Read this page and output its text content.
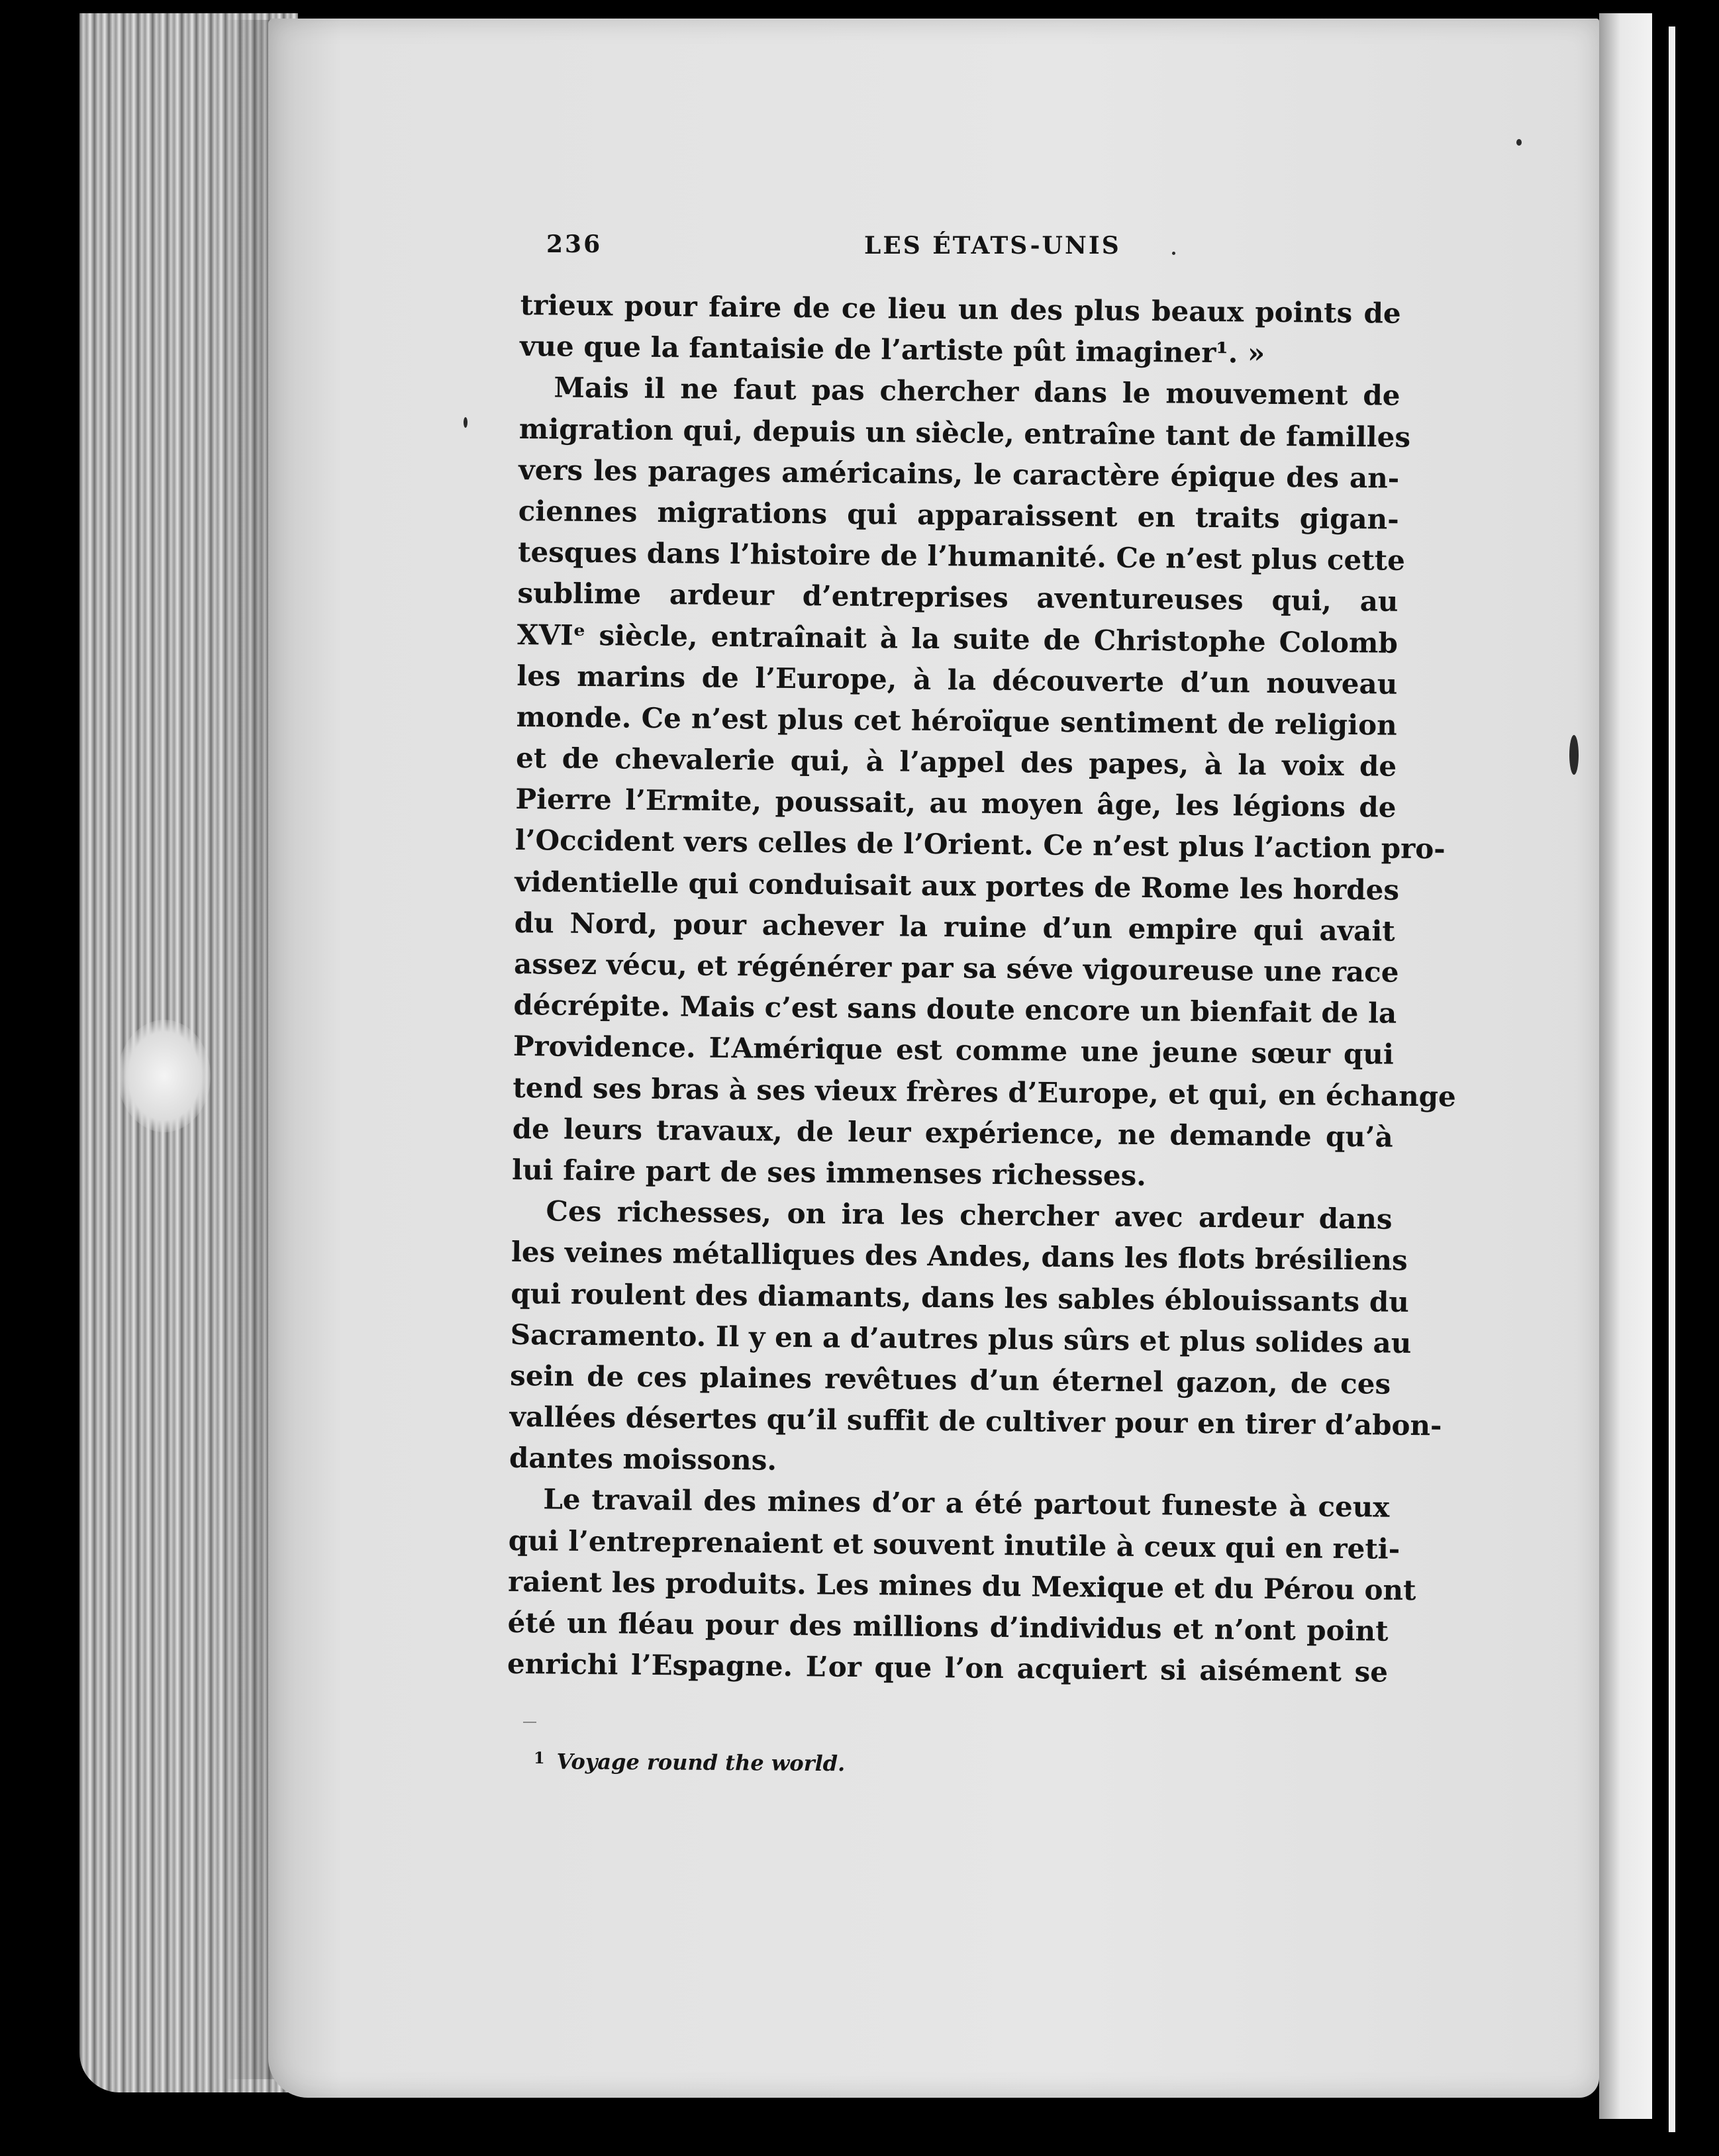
236	LES ÉTATS-UNIS
trieux pour faire de ce lieu un des plus beaux points de
vue que la fantaisie de l’artiste pût imaginer¹. »
Mais il ne faut pas chercher dans le mouvement de
migration qui, depuis un siècle, entraîne tant de familles
vers les parages américains, le caractère épique des an-
ciennes migrations qui apparaissent en traits gigan-
tesques dans l’histoire de l’humanité. Ce n’est plus cette
sublime ardeur d’entreprises aventureuses qui, au
XVIᵉ siècle, entraînait à la suite de Christophe Colomb
les marins de l’Europe, à la découverte d’un nouveau
monde. Ce n’est plus cet héroïque sentiment de religion
et de chevalerie qui, à l’appel des papes, à la voix de
Pierre l’Ermite, poussait, au moyen âge, les légions de
l’Occident vers celles de l’Orient. Ce n’est plus l’action pro-
videntielle qui conduisait aux portes de Rome les hordes
du Nord, pour achever la ruine d’un empire qui avait
assez vécu, et régénérer par sa séve vigoureuse une race
décrépite. Mais c’est sans doute encore un bienfait de la
Providence. L’Amérique est comme une jeune sœur qui
tend ses bras à ses vieux frères d’Europe, et qui, en échange
de leurs travaux, de leur expérience, ne demande qu’à
lui faire part de ses immenses richesses.
Ces richesses, on ira les chercher avec ardeur dans
les veines métalliques des Andes, dans les flots brésiliens
qui roulent des diamants, dans les sables éblouissants du
Sacramento. Il y en a d’autres plus sûrs et plus solides au
sein de ces plaines revêtues d’un éternel gazon, de ces
vallées désertes qu’il suffit de cultiver pour en tirer d’abon-
dantes moissons.
Le travail des mines d’or a été partout funeste à ceux
qui l’entreprenaient et souvent inutile à ceux qui en reti-
raient les produits. Les mines du Mexique et du Pérou ont
été un fléau pour des millions d’individus et n’ont point
enrichi l’Espagne. L’or que l’on acquiert si aisément se
$^1$ Voyage round the world.
